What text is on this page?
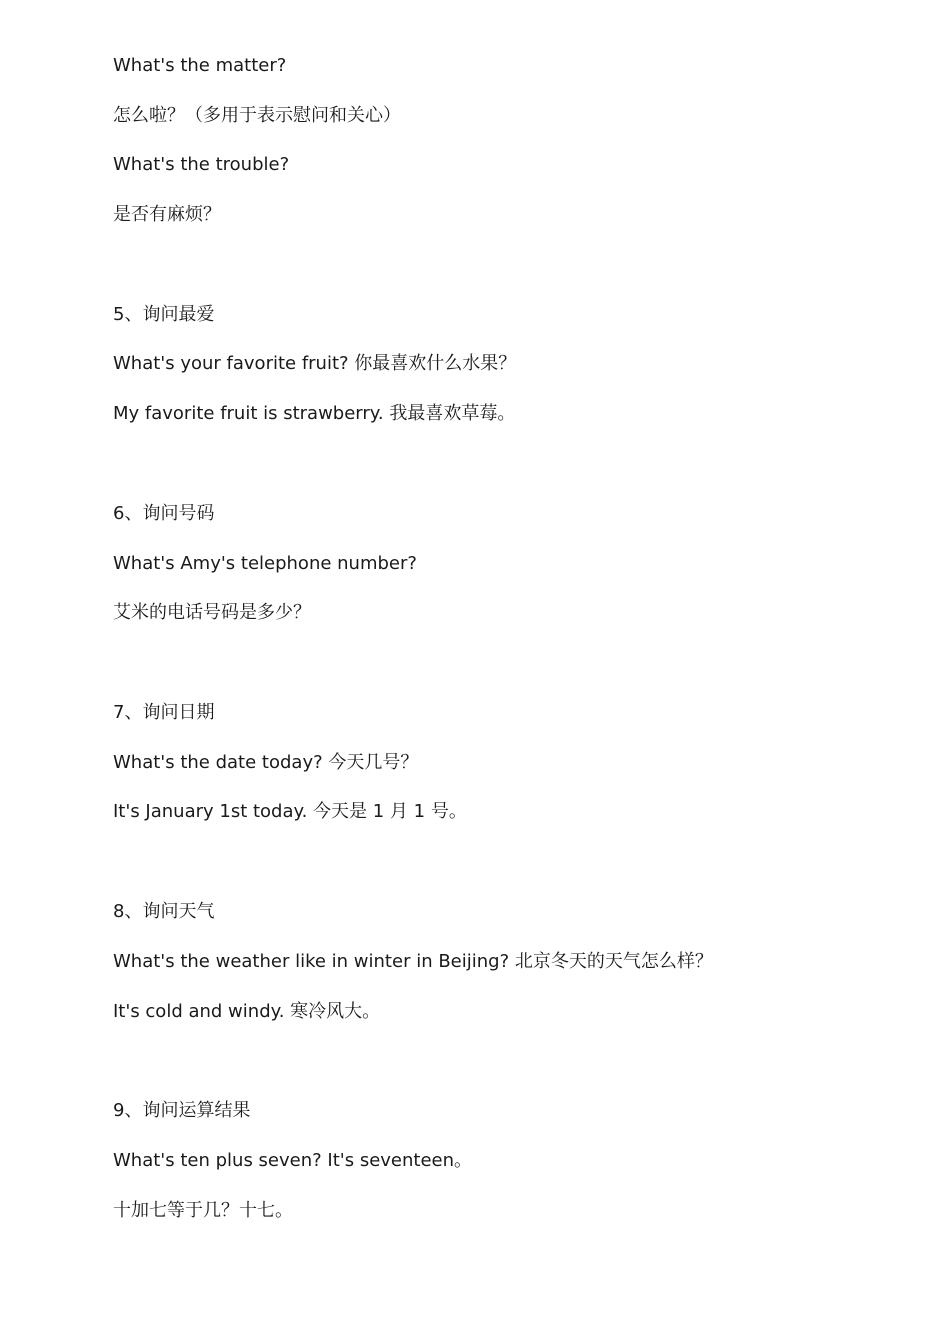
What's the matter?

怎么啦？（多用于表示慰问和关心）

What's the trouble?

是否有麻烦？

5、询问最爱

What's your favorite fruit? 你最喜欢什么水果？

My favorite fruit is strawberry. 我最喜欢草莓。

6、询问号码

What's Amy's telephone number?

艾米的电话号码是多少？

7、询问日期

What's the date today? 今天几号？

It's January 1st today. 今天是 1 月 1 号。

8、询问天气

What's the weather like in winter in Beijing? 北京冬天的天气怎么样？

It's cold and windy. 寒冷风大。

9、询问运算结果

What's ten plus seven? It's seventeen。

十加七等于几？十七。
